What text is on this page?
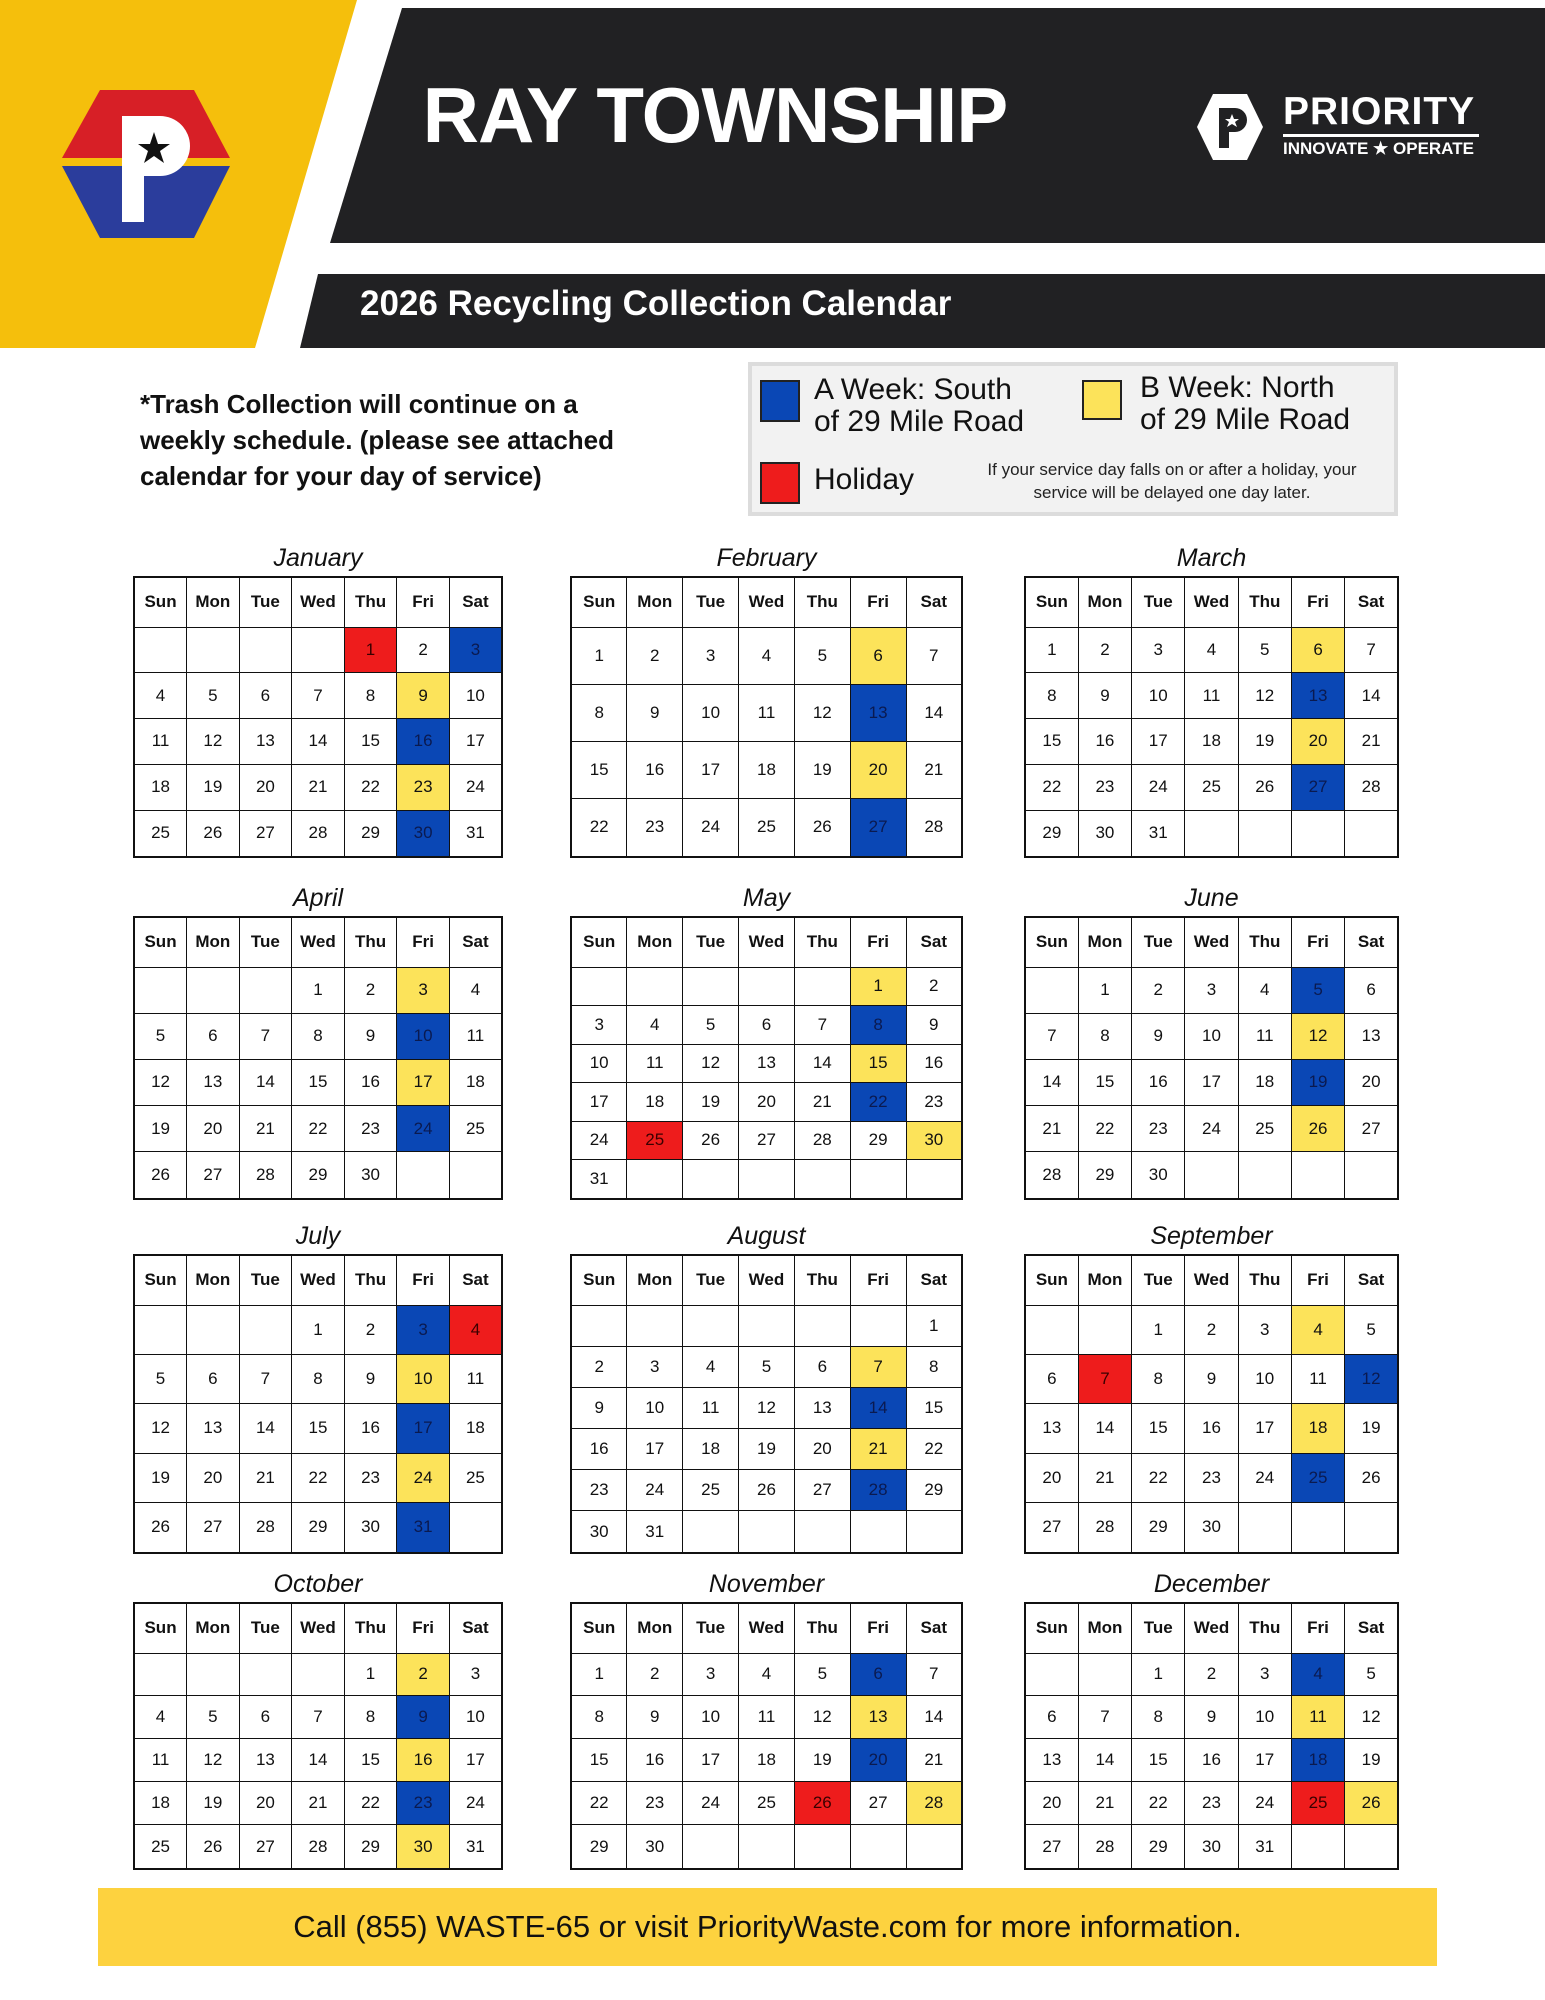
RAY TOWNSHIP	PRIORITY
INNOVATE ★ OPERATE
2026 Recycling Collection Calendar
*Trash Collection will continue on a weekly schedule. (please see attached calendar for your day of service)
A Week: South
of 29 Mile Road
B Week: North
of 29 Mile Road
Holiday	If your service day falls on or after a holiday, your
service will be delayed one day later.
January
Sun	Mon	Tue	Wed	Thu	Fri	Sat
				1	2	3
4	5	6	7	8	9	10
11	12	13	14	15	16	17
18	19	20	21	22	23	24
25	26	27	28	29	30	31
February
Sun	Mon	Tue	Wed	Thu	Fri	Sat
1	2	3	4	5	6	7
8	9	10	11	12	13	14
15	16	17	18	19	20	21
22	23	24	25	26	27	28
March
Sun	Mon	Tue	Wed	Thu	Fri	Sat
1	2	3	4	5	6	7
8	9	10	11	12	13	14
15	16	17	18	19	20	21
22	23	24	25	26	27	28
29	30	31				
April
Sun	Mon	Tue	Wed	Thu	Fri	Sat
			1	2	3	4
5	6	7	8	9	10	11
12	13	14	15	16	17	18
19	20	21	22	23	24	25
26	27	28	29	30		
May
Sun	Mon	Tue	Wed	Thu	Fri	Sat
					1	2
3	4	5	6	7	8	9
10	11	12	13	14	15	16
17	18	19	20	21	22	23
24	25	26	27	28	29	30
31						
June
Sun	Mon	Tue	Wed	Thu	Fri	Sat
	1	2	3	4	5	6
7	8	9	10	11	12	13
14	15	16	17	18	19	20
21	22	23	24	25	26	27
28	29	30				
July
Sun	Mon	Tue	Wed	Thu	Fri	Sat
			1	2	3	4
5	6	7	8	9	10	11
12	13	14	15	16	17	18
19	20	21	22	23	24	25
26	27	28	29	30	31	
August
Sun	Mon	Tue	Wed	Thu	Fri	Sat
						1
2	3	4	5	6	7	8
9	10	11	12	13	14	15
16	17	18	19	20	21	22
23	24	25	26	27	28	29
30	31					
September
Sun	Mon	Tue	Wed	Thu	Fri	Sat
		1	2	3	4	5
6	7	8	9	10	11	12
13	14	15	16	17	18	19
20	21	22	23	24	25	26
27	28	29	30			
October
Sun	Mon	Tue	Wed	Thu	Fri	Sat
				1	2	3
4	5	6	7	8	9	10
11	12	13	14	15	16	17
18	19	20	21	22	23	24
25	26	27	28	29	30	31
November
Sun	Mon	Tue	Wed	Thu	Fri	Sat
1	2	3	4	5	6	7
8	9	10	11	12	13	14
15	16	17	18	19	20	21
22	23	24	25	26	27	28
29	30					
December
Sun	Mon	Tue	Wed	Thu	Fri	Sat
		1	2	3	4	5
6	7	8	9	10	11	12
13	14	15	16	17	18	19
20	21	22	23	24	25	26
27	28	29	30	31		
Call (855) WASTE-65 or visit PriorityWaste.com for more information.
